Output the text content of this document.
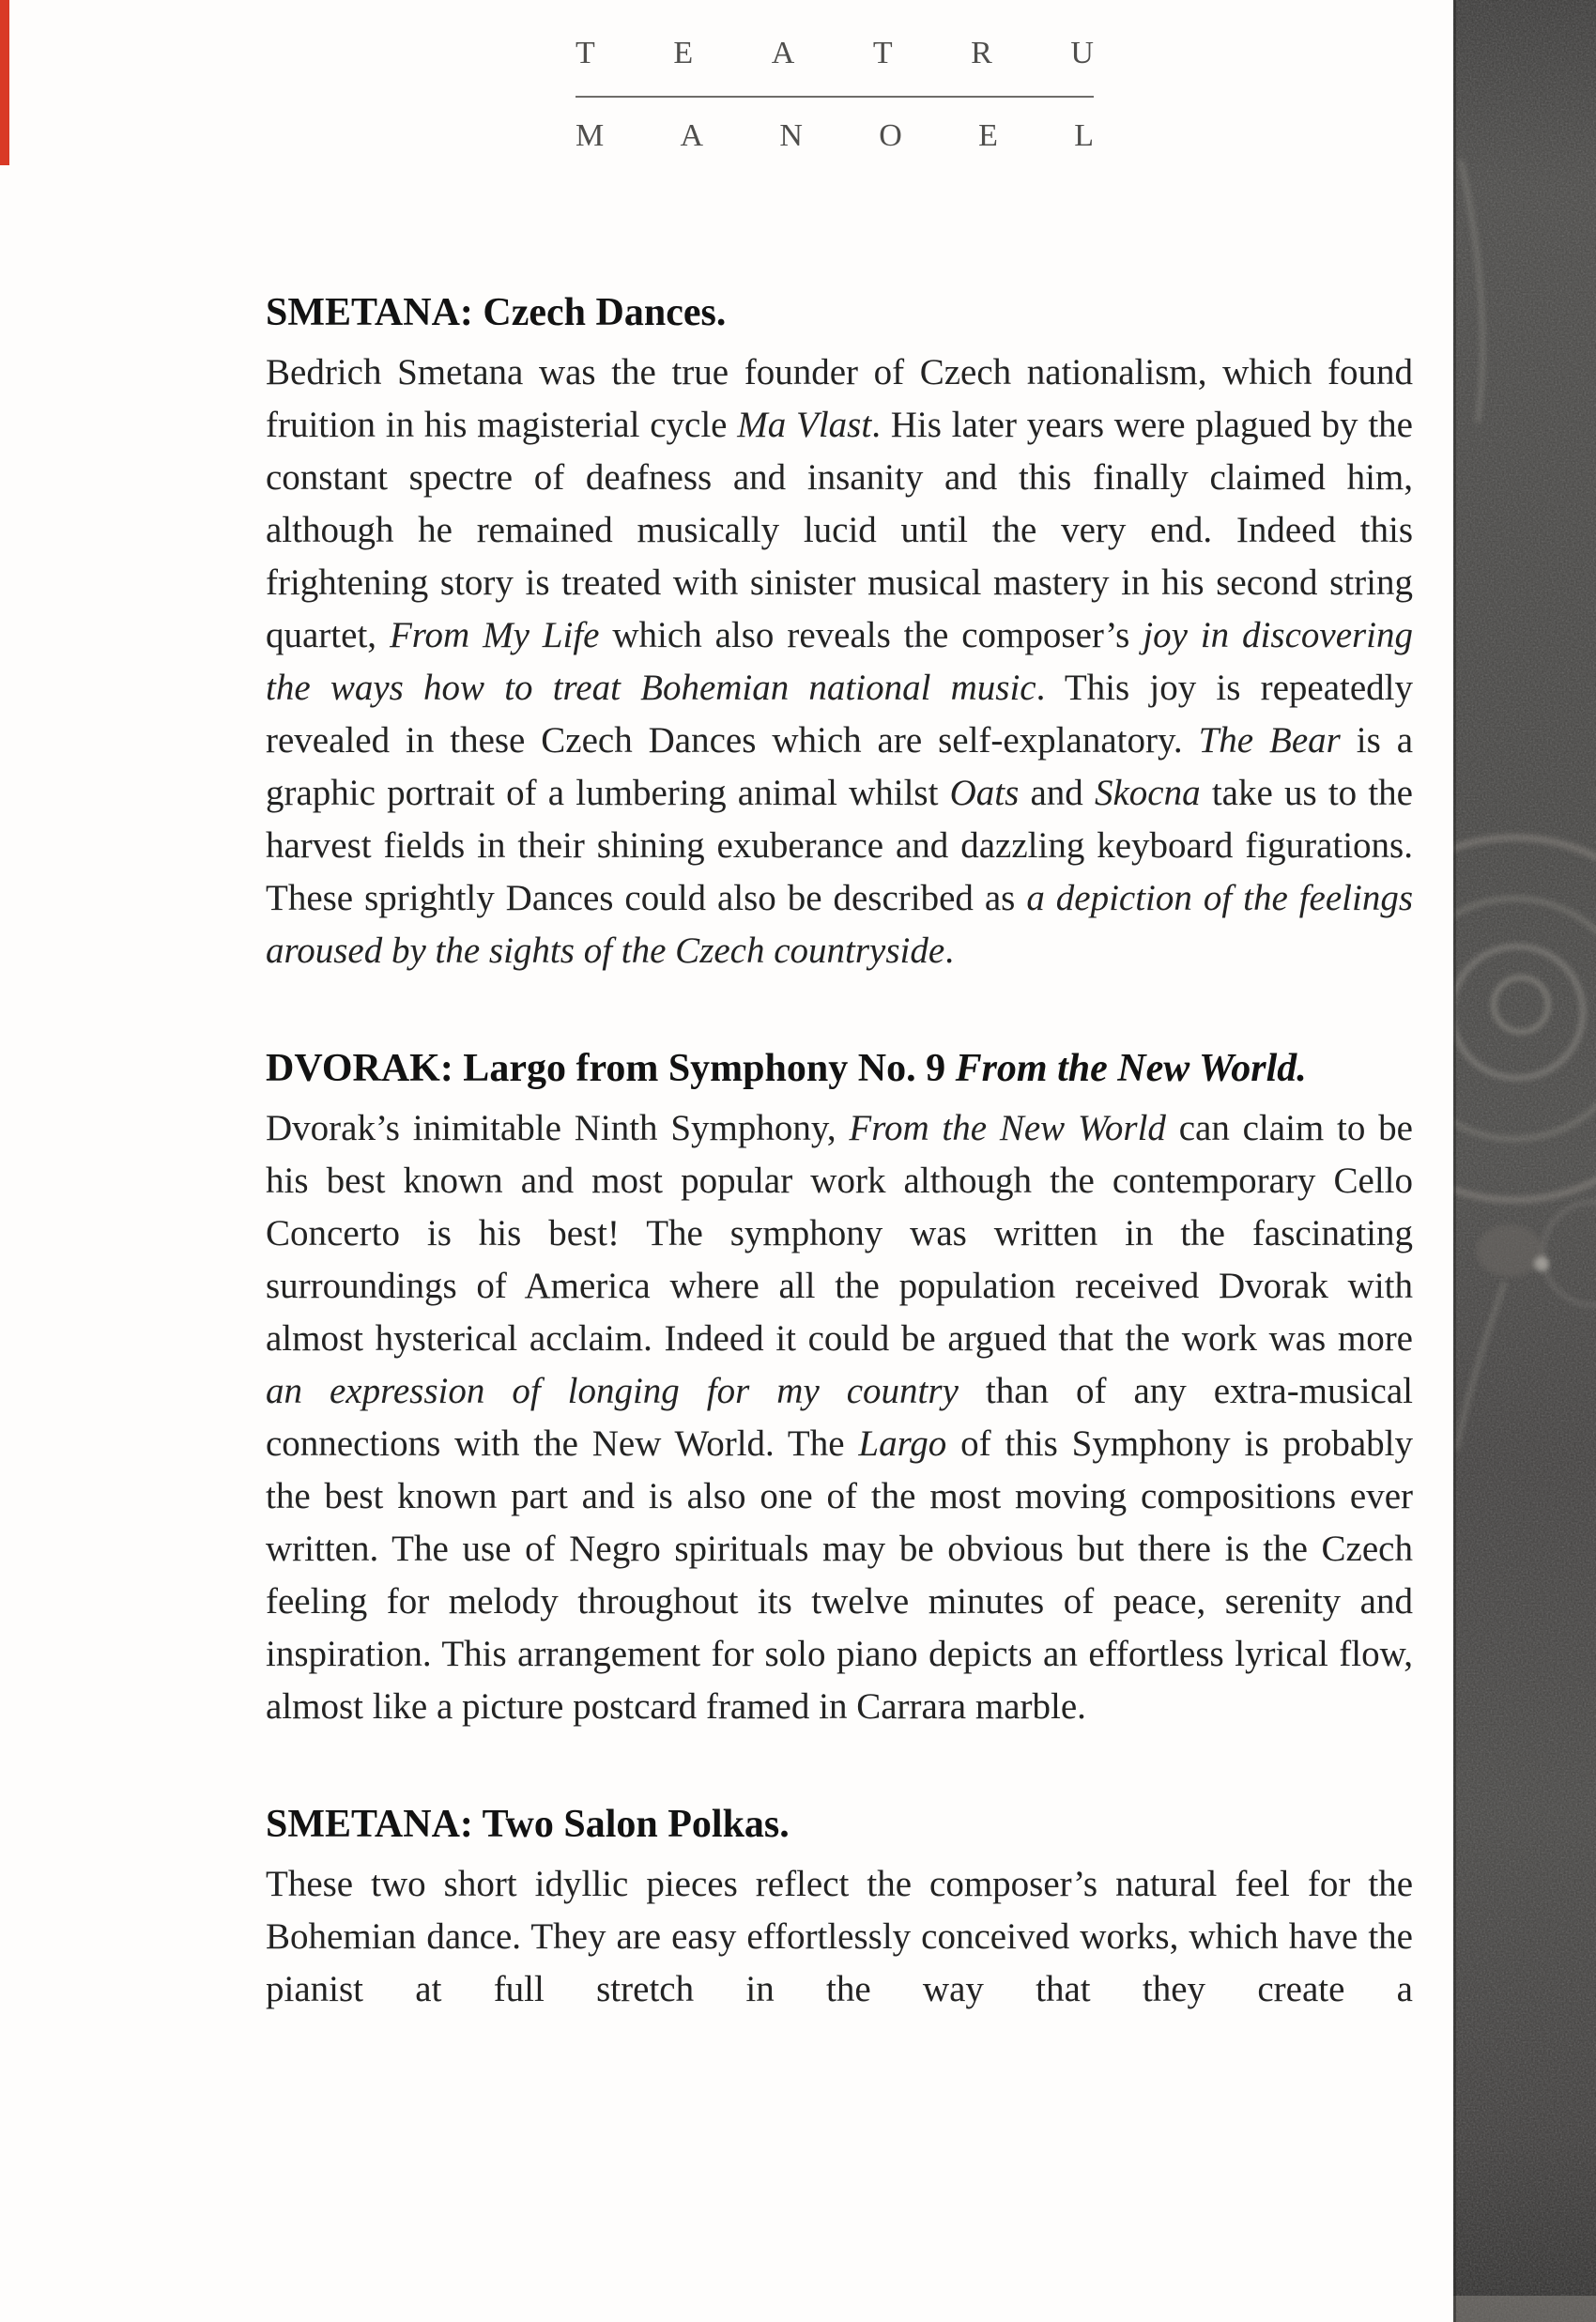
T E A T R U
M A N O E L
SMETANA: Czech Dances.

Bedrich Smetana was the true founder of Czech nationalism, which found fruition in his magisterial cycle Ma Vlast. His later years were plagued by the constant spectre of deafness and insanity and this finally claimed him, although he remained musically lucid until the very end. Indeed this frightening story is treated with sinister musical mastery in his second string quartet, From My Life which also reveals the composer’s joy in discovering the ways how to treat Bohemian national music. This joy is repeatedly revealed in these Czech Dances which are self-explanatory. The Bear is a graphic portrait of a lumbering animal whilst Oats and Skocna take us to the harvest fields in their shining exuberance and dazzling keyboard figurations. These sprightly Dances could also be described as a depiction of the feelings aroused by the sights of the Czech countryside.

DVORAK: Largo from Symphony No. 9 From the New World.

Dvorak’s inimitable Ninth Symphony, From the New World can claim to be his best known and most popular work although the contemporary Cello Concerto is his best! The symphony was written in the fascinating surroundings of America where all the population received Dvorak with almost hysterical acclaim. Indeed it could be argued that the work was more an expression of longing for my country than of any extra-musical connections with the New World. The Largo of this Symphony is probably the best known part and is also one of the most moving compositions ever written. The use of Negro spirituals may be obvious but there is the Czech feeling for melody throughout its twelve minutes of peace, serenity and inspiration. This arrangement for solo piano depicts an effortless lyrical flow, almost like a picture postcard framed in Carrara marble.

SMETANA: Two Salon Polkas.

These two short idyllic pieces reflect the composer’s natural feel for the Bohemian dance. They are easy effortlessly conceived works, which have the pianist at full stretch in the way that they create a
